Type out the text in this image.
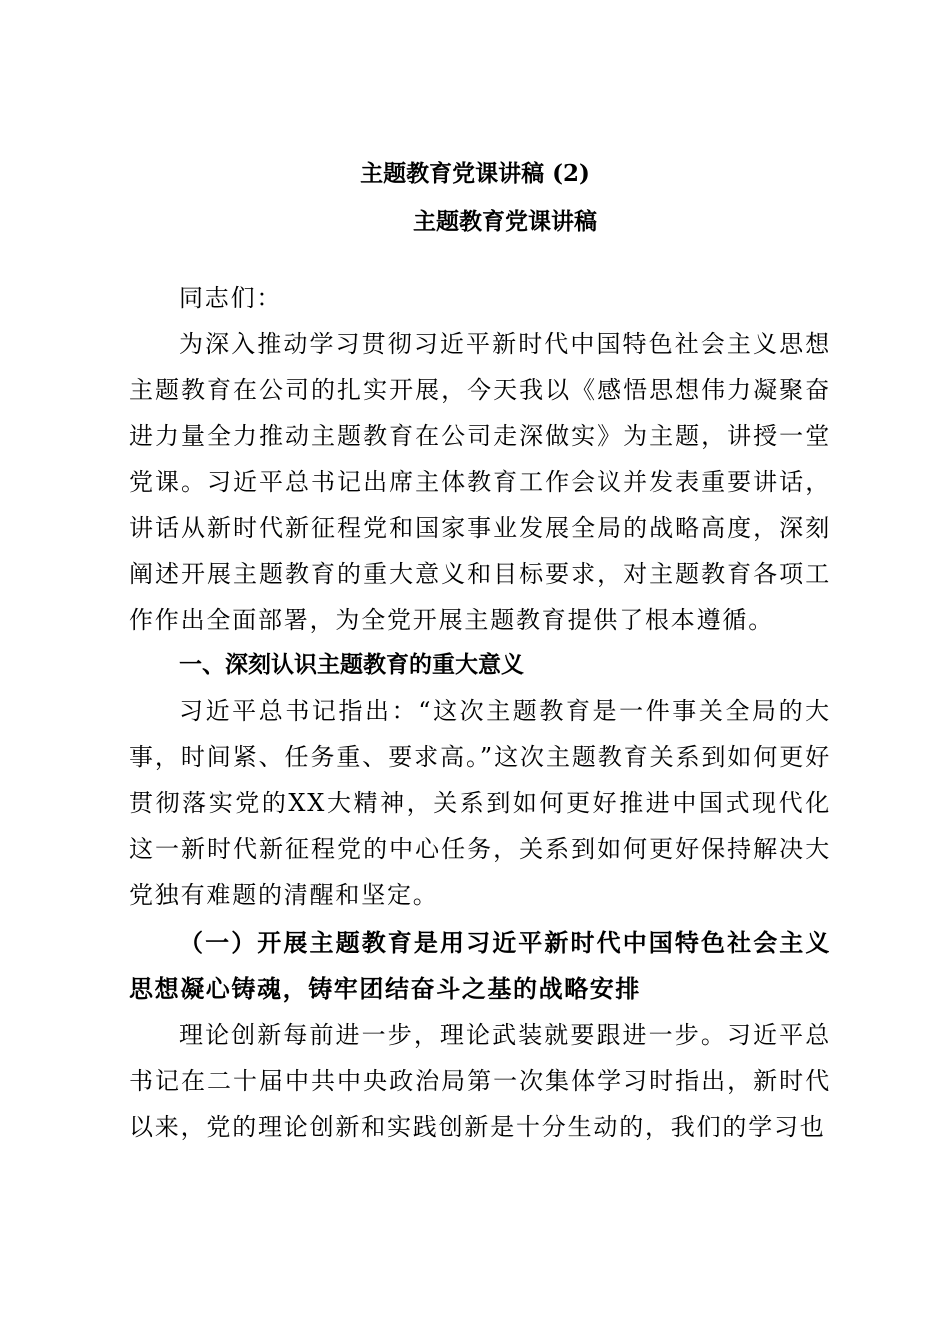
主题教育党课讲稿 (2)
主题教育党课讲稿
同志们：
为深入推动学习贯彻习近平新时代中国特色社会主义思想主题教育在公司的扎实开展，今天我以《感悟思想伟力凝聚奋进力量全力推动主题教育在公司走深做实》为主题，讲授一堂党课。习近平总书记出席主体教育工作会议并发表重要讲话，讲话从新时代新征程党和国家事业发展全局的战略高度，深刻阐述开展主题教育的重大意义和目标要求，对主题教育各项工作作出全面部署，为全党开展主题教育提供了根本遵循。
一、深刻认识主题教育的重大意义
习近平总书记指出：“这次主题教育是一件事关全局的大事，时间紧、任务重、要求高。”这次主题教育关系到如何更好贯彻落实党的XX大精神，关系到如何更好推进中国式现代化这一新时代新征程党的中心任务，关系到如何更好保持解决大党独有难题的清醒和坚定。
（一）开展主题教育是用习近平新时代中国特色社会主义思想凝心铸魂，铸牢团结奋斗之基的战略安排
理论创新每前进一步，理论武装就要跟进一步。习近平总书记在二十届中共中央政治局第一次集体学习时指出，新时代以来，党的理论创新和实践创新是十分生动的，我们的学习也
